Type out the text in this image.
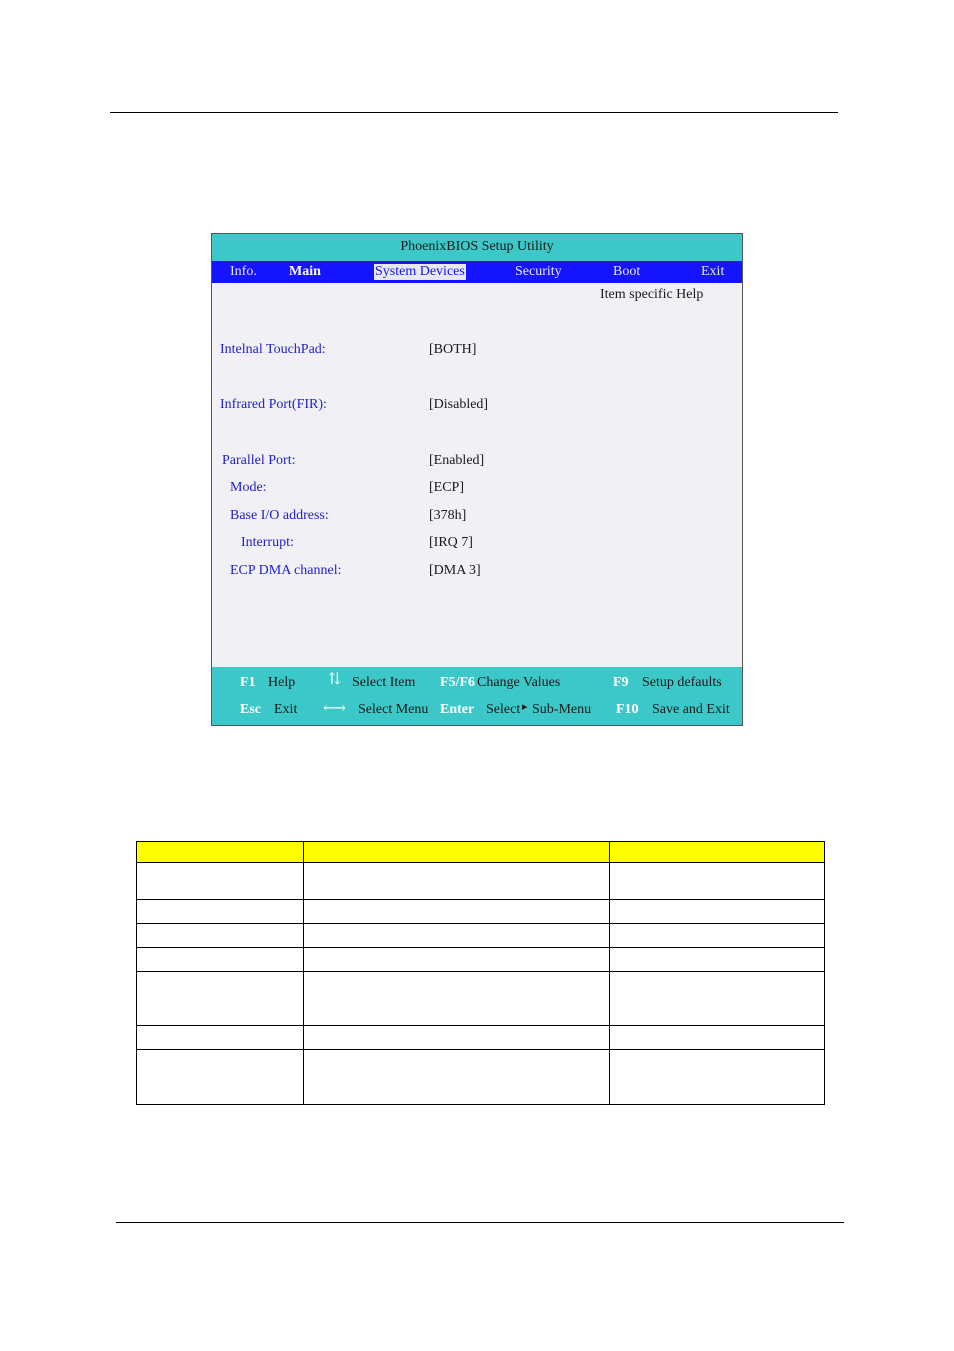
PhoenixBIOS Setup Utility
Info. Main	System Devices	Security	Boot	Exit
Item specific Help
Intelnal TouchPad:	[BOTH]
Infrared Port(FIR):	[Disabled]
Parallel Port:	[Enabled]
Mode:	[ECP]
Base I/O address:	[378h]
Interrupt:	[IRQ 7]
ECP DMA channel:	[DMA 3]
F1 Help ⇅ Select Item F5/F6 Change Values	F9 Setup defaults
Esc Exit ⟷ Select Menu Enter Select ▸ Sub-Menu F10 Save and Exit
